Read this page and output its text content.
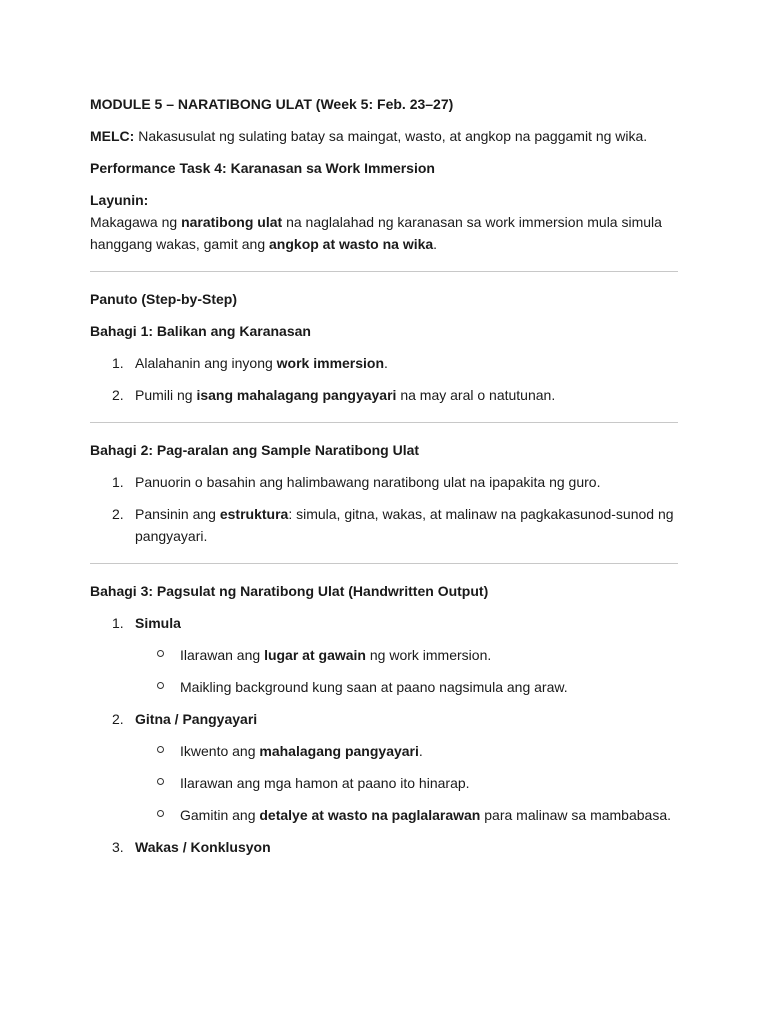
MODULE 5 – NARATIBONG ULAT (Week 5: Feb. 23–27)

MELC: Nakasusulat ng sulating batay sa maingat, wasto, at angkop na paggamit ng wika.

Performance Task 4: Karanasan sa Work Immersion

Layunin:

Makagawa ng naratibong ulat na naglalahad ng karanasan sa work immersion mula simula hanggang wakas, gamit ang angkop at wasto na wika.

Panuto (Step-by-Step)

Bahagi 1: Balikan ang Karanasan

1. Alalahanin ang inyong work immersion.
2. Pumili ng isang mahalagang pangyayari na may aral o natutunan.

Bahagi 2: Pag-aralan ang Sample Naratibong Ulat

1. Panuorin o basahin ang halimbawang naratibong ulat na ipapakita ng guro.
2. Pansinin ang estruktura: simula, gitna, wakas, at malinaw na pagkakasunod-sunod ng pangyayari.

Bahagi 3: Pagsulat ng Naratibong Ulat (Handwritten Output)

1. Simula
Ilarawan ang lugar at gawain ng work immersion.
Maikling background kung saan at paano nagsimula ang araw.
2. Gitna / Pangyayari
Ikwento ang mahalagang pangyayari.
Ilarawan ang mga hamon at paano ito hinarap.
Gamitin ang detalye at wasto na paglalarawan para malinaw sa mambabasa.
3. Wakas / Konklusyon
